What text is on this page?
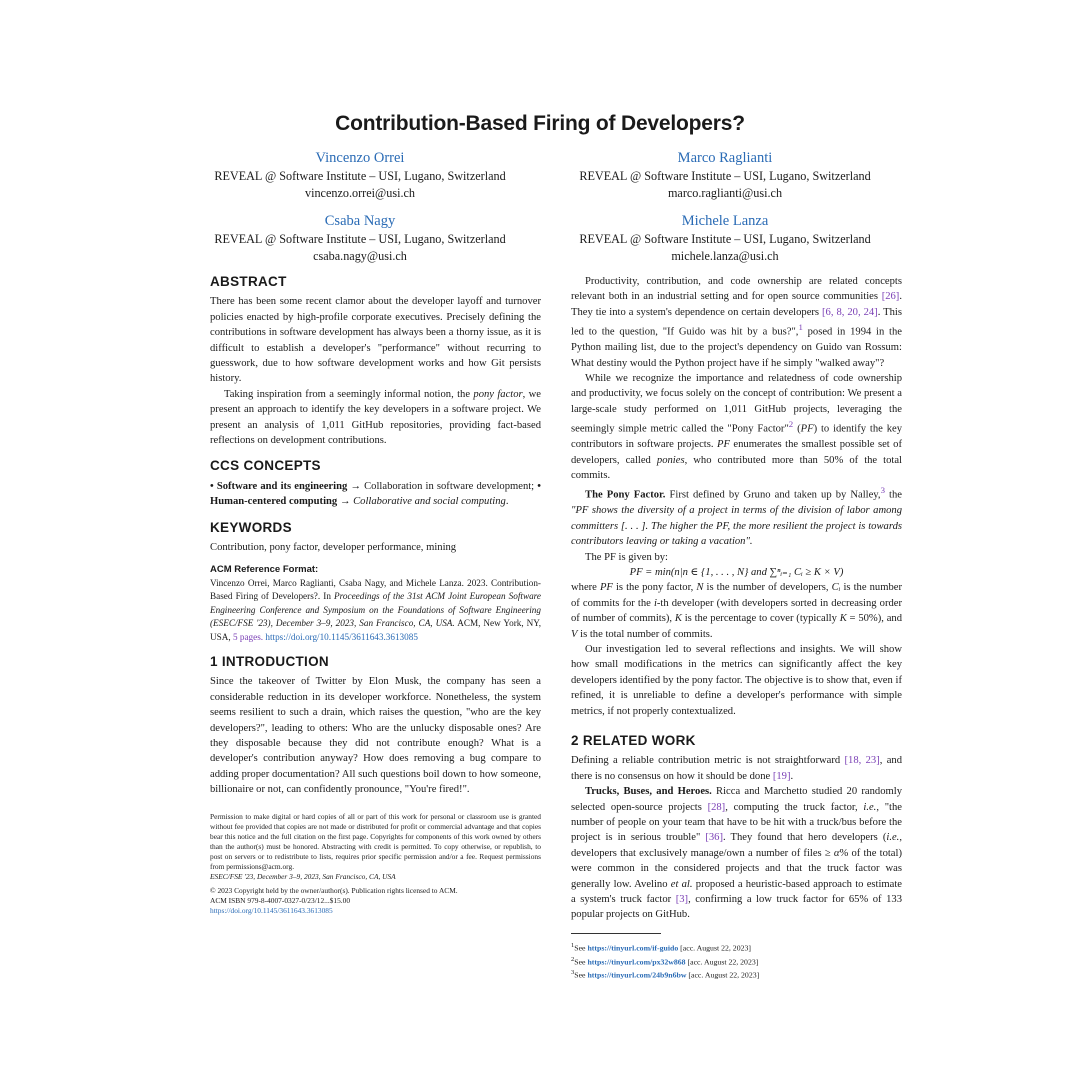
Contribution-Based Firing of Developers?
Vincenzo Orrei
REVEAL @ Software Institute – USI, Lugano, Switzerland
vincenzo.orrei@usi.ch
Marco Raglianti
REVEAL @ Software Institute – USI, Lugano, Switzerland
marco.raglianti@usi.ch
Csaba Nagy
REVEAL @ Software Institute – USI, Lugano, Switzerland
csaba.nagy@usi.ch
Michele Lanza
REVEAL @ Software Institute – USI, Lugano, Switzerland
michele.lanza@usi.ch
ABSTRACT

There has been some recent clamor about the developer layoff and turnover policies enacted by high-profile corporate executives. Precisely defining the contributions in software development has always been a thorny issue, as it is difficult to establish a developer's "performance" without recurring to guesswork, due to how software development works and how Git persists history.

Taking inspiration from a seemingly informal notion, the pony factor, we present an approach to identify the key developers in a software project. We present an analysis of 1,011 GitHub repositories, providing fact-based reflections on development contributions.

CCS CONCEPTS

• Software and its engineering → Collaboration in software development; • Human-centered computing → Collaborative and social computing.

KEYWORDS

Contribution, pony factor, developer performance, mining

ACM Reference Format:
Vincenzo Orrei, Marco Raglianti, Csaba Nagy, and Michele Lanza. 2023. Contribution-Based Firing of Developers?. In Proceedings of the 31st ACM Joint European Software Engineering Conference and Symposium on the Foundations of Software Engineering (ESEC/FSE '23), December 3–9, 2023, San Francisco, CA, USA. ACM, New York, NY, USA, 5 pages. https://doi.org/10.1145/3611643.3613085
1 INTRODUCTION

Since the takeover of Twitter by Elon Musk, the company has seen a considerable reduction in its developer workforce. Nonetheless, the system seems resilient to such a drain, which raises the question, "who are the key developers?", leading to others: Who are the unlucky disposable ones? Are they disposable because they did not contribute enough? What is a developer's contribution anyway? How does removing a bug compare to adding proper documentation? All such questions boil down to how someone, billionaire or not, can confidently pronounce, "You're fired!".

Permission to make digital or hard copies of all or part of this work for personal or classroom use is granted without fee provided that copies are not made or distributed for profit or commercial advantage and that copies bear this notice and the full citation on the first page. Copyrights for components of this work owned by others than the author(s) must be honored. Abstracting with credit is permitted. To copy otherwise, or republish, to post on servers or to redistribute to lists, requires prior specific permission and/or a fee. Request permissions from permissions@acm.org.

ESEC/FSE '23, December 3–9, 2023, San Francisco, CA, USA

© 2023 Copyright held by the owner/author(s). Publication rights licensed to ACM.

ACM ISBN 979-8-4007-0327-0/23/12...$15.00

https://doi.org/10.1145/3611643.3613085

Productivity, contribution, and code ownership are related concepts relevant both in an industrial setting and for open source communities [26]. They tie into a system's dependence on certain developers [6, 8, 20, 24]. This led to the question, "If Guido was hit by a bus?",$^1$ posed in 1994 in the Python mailing list, due to the project's dependency on Guido van Rossum: What destiny would the Python project have if he simply "walked away"?

While we recognize the importance and relatedness of code ownership and productivity, we focus solely on the concept of contribution: We present a large-scale study performed on 1,011 GitHub projects, leveraging the seemingly simple metric called the "Pony Factor"$^2$ (PF) to identify the key contributors in software projects. PF enumerates the smallest possible set of developers, called ponies, who contributed more than 50% of the total commits.

The Pony Factor. First defined by Gruno and taken up by Nalley,$^3$ the "PF shows the diversity of a project in terms of the division of labor among committers [. . . ]. The higher the PF, the more resilient the project is towards contributors leaving or taking a vacation".

The PF is given by:

PF = min(n|n ∈ {1, . . . , N} and ∑ⁿᵢ₌₁ Cᵢ ≥ K × V)

where PF is the pony factor, N is the number of developers, Cᵢ is the number of commits for the i-th developer (with developers sorted in decreasing order of number of commits), K is the percentage to cover (typically K = 50%), and V is the total number of commits.

Our investigation led to several reflections and insights. We will show how small modifications in the metrics can significantly affect the key developers identified by the pony factor. The objective is to show that, even if refined, it is unreliable to define a developer's performance with simple metrics, if not properly contextualized.

2 RELATED WORK

Defining a reliable contribution metric is not straightforward [18, 23], and there is no consensus on how it should be done [19].

Trucks, Buses, and Heroes. Ricca and Marchetto studied 20 randomly selected open-source projects [28], computing the truck factor, i.e., "the number of people on your team that have to be hit with a truck/bus before the project is in serious trouble" [36]. They found that hero developers (i.e., developers that exclusively manage/own a number of files ≥ α% of the total) were common in the considered projects and that the truck factor was generally low. Avelino et al. proposed a heuristic-based approach to estimate a system's truck factor [3], confirming a low truck factor for 65% of 133 popular projects on GitHub.

$^1$See https://tinyurl.com/if-guido [acc. August 22, 2023]
$^2$See https://tinyurl.com/px32w868 [acc. August 22, 2023]
$^3$See https://tinyurl.com/24b9n6bw [acc. August 22, 2023]
